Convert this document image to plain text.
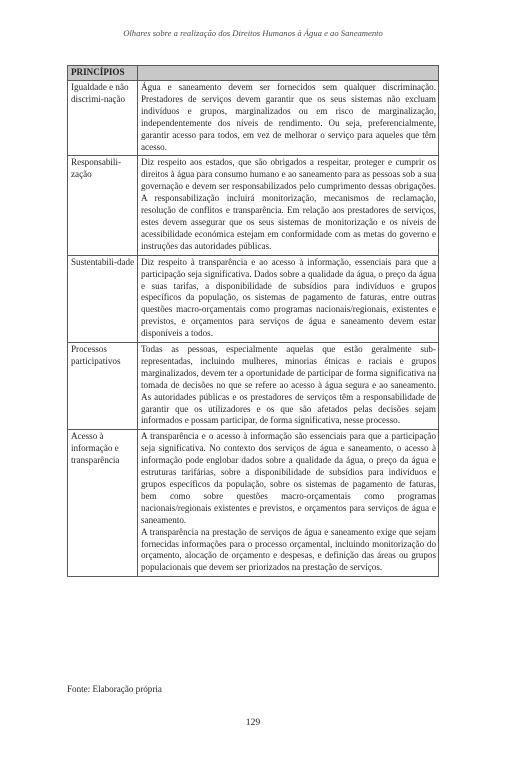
Olhares sobre a realização dos Direitos Humanos à Água e ao Saneamento
PRINCÍPIOS	
Igualdade e não discrimi-nação	Água e saneamento devem ser fornecidos sem qualquer discriminação. Prestadores de serviços devem garantir que os seus sistemas não excluam indivíduos e grupos, marginalizados ou em risco de marginalização, independentemente dos níveis de rendimento. Ou seja, preferencialmente, garantir acesso para todos, em vez de melhorar o serviço para aqueles que têm acesso.

Responsabili-zação	Diz respeito aos estados, que são obrigados a respeitar, proteger e cumprir os direitos à água para consumo humano e ao saneamento para as pessoas sob a sua governação e devem ser responsabilizados pelo cumprimento dessas obrigações. A responsabilização incluirá monitorização, mecanismos de reclamação, resolução de conflitos e transparência. Em relação aos prestadores de serviços, estes devem assegurar que os seus sistemas de monitorização e os níveis de acessibilidade económica estejam em conformidade com as metas do governo e instruções das autoridades públicas.

Sustentabili-dade	Diz respeito à transparência e ao acesso à informação, essenciais para que a participação seja significativa. Dados sobre a qualidade da água, o preço da água e suas tarifas, a disponibilidade de subsídios para indivíduos e grupos específicos da população, os sistemas de pagamento de faturas, entre outras questões macro-orçamentais como programas nacionais/regionais, existentes e previstos, e orçamentos para serviços de água e saneamento devem estar disponíveis a todos.

Processos participativos	Todas as pessoas, especialmente aquelas que estão geralmente sub-representadas, incluindo mulheres, minorias étnicas e raciais e grupos marginalizados, devem ter a oportunidade de participar de forma significativa na tomada de decisões no que se refere ao acesso à água segura e ao saneamento. As autoridades públicas e os prestadores de serviços têm a responsabilidade de garantir que os utilizadores e os que são afetados pelas decisões sejam informados e possam participar, de forma significativa, nesse processo.

Acesso à informação e transparência	A transparência e o acesso à informação são essenciais para que a participação seja significativa. No contexto dos serviços de água e saneamento, o acesso à informação pode englobar dados sobre a qualidade da água, o preço da água e estruturas tarifárias, sobre a disponibilidade de subsídios para indivíduos e grupos específicos da população, sobre os sistemas de pagamento de faturas, bem como sobre questões macro-orçamentais como programas nacionais/regionais existentes e previstos, e orçamentos para serviços de água e saneamento.

A transparência na prestação de serviços de água e saneamento exige que sejam fornecidas informações para o processo orçamental, incluindo monitorização do orçamento, alocação de orçamento e despesas, e definição das áreas ou grupos populacionais que devem ser priorizados na prestação de serviços.

Fonte: Elaboração própria
129
